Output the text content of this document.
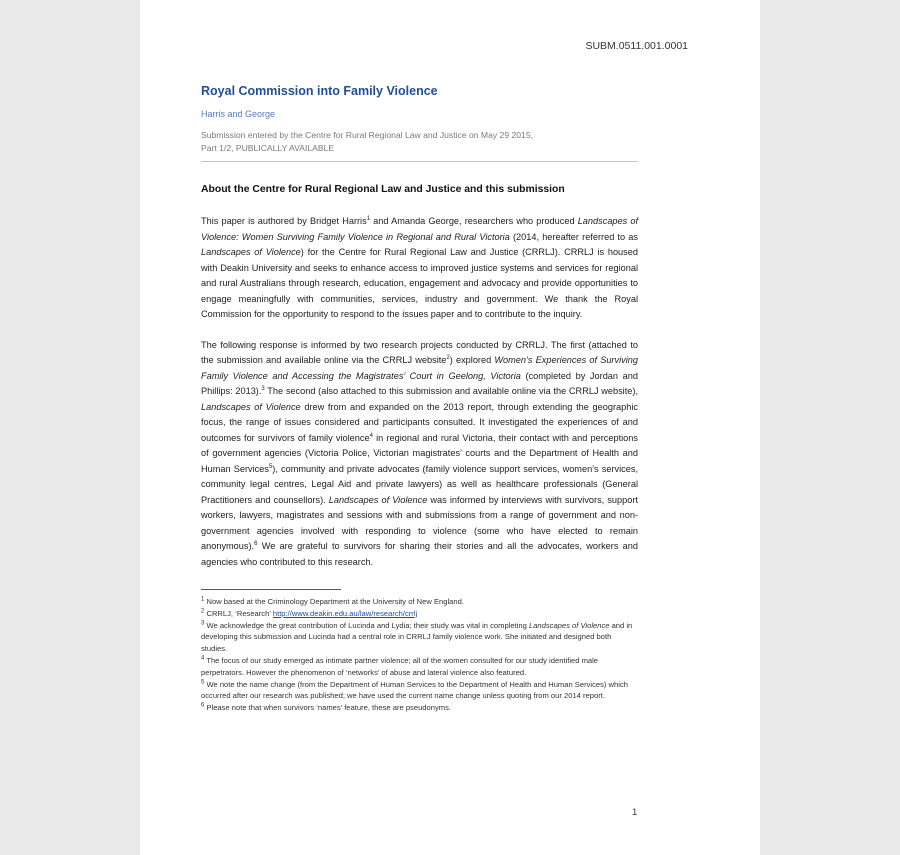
SUBM.0511.001.0001
Royal Commission into Family Violence
Harris and George
Submission entered by the Centre for Rural Regional Law and Justice on May 29 2015,
Part 1/2, PUBLICALLY AVAILABLE
About the Centre for Rural Regional Law and Justice and this submission

This paper is authored by Bridget Harris$^1$ and Amanda George, researchers who produced Landscapes of Violence: Women Surviving Family Violence in Regional and Rural Victoria (2014, hereafter referred to as Landscapes of Violence) for the Centre for Rural Regional Law and Justice (CRRLJ). CRRLJ is housed with Deakin University and seeks to enhance access to improved justice systems and services for regional and rural Australians through research, education, engagement and advocacy and provide opportunities to engage meaningfully with communities, services, industry and government. We thank the Royal Commission for the opportunity to respond to the issues paper and to contribute to the inquiry.

The following response is informed by two research projects conducted by CRRLJ. The first (attached to the submission and available online via the CRRLJ website$^2$) explored Women’s Experiences of Surviving Family Violence and Accessing the Magistrates’ Court in Geelong, Victoria (completed by Jordan and Phillips: 2013).$^3$ The second (also attached to this submission and available online via the CRRLJ website), Landscapes of Violence drew from and expanded on the 2013 report, through extending the geographic focus, the range of issues considered and participants consulted. It investigated the experiences of and outcomes for survivors of family violence$^4$ in regional and rural Victoria, their contact with and perceptions of government agencies (Victoria Police, Victorian magistrates’ courts and the Department of Health and Human Services$^5$), community and private advocates (family violence support services, women’s services, community legal centres, Legal Aid and private lawyers) as well as healthcare professionals (General Practitioners and counsellors). Landscapes of Violence was informed by interviews with survivors, support workers, lawyers, magistrates and sessions with and submissions from a range of government and non-government agencies involved with responding to violence (some who have elected to remain anonymous).$^6$ We are grateful to survivors for sharing their stories and all the advocates, workers and agencies who contributed to this research.

$^1$ Now based at the Criminology Department at the University of New England.
$^2$ CRRLJ, ‘Research’ http://www.deakin.edu.au/law/research/crrlj
$^3$ We acknowledge the great contribution of Lucinda and Lydia; their study was vital in completing Landscapes of Violence and in developing this submission and Lucinda had a central role in CRRLJ family violence work. She initiated and designed both studies.
$^4$ The focus of our study emerged as intimate partner violence; all of the women consulted for our study identified male perpetrators. However the phenomenon of ‘networks’ of abuse and lateral violence also featured.
$^5$ We note the name change (from the Department of Human Services to the Department of Health and Human Services) which occurred after our research was published; we have used the current name change unless quoting from our 2014 report.
$^6$ Please note that when survivors ‘names’ feature, these are pseudonyms.
1
